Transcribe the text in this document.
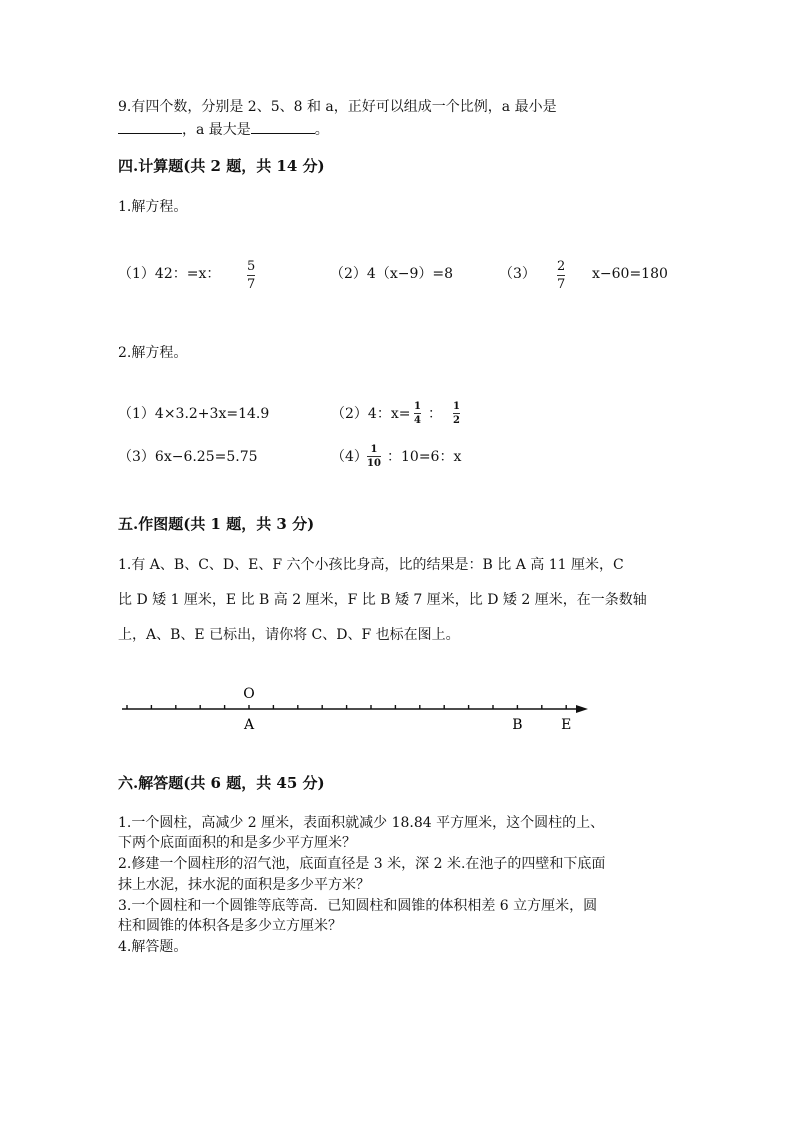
9.有四个数，分别是 2、5、8 和 a，正好可以组成一个比例，a 最小是
，a 最大是	。
四.计算题(共 2 题，共 14 分)
1.解方程。
（1）42：=x： 5
7
（2）4（x−9）=8	（3） 2
7
x−60=180
2.解方程。
（1）4×3.2+3x=14.9	（2）4：x= 1
4 ： 1
2
（3）6x−6.25=5.75	（4） 1
10 ：10=6：x
五.作图题(共 1 题，共 3 分)
1.有 A、B、C、D、E、F 六个小孩比身高，比的结果是：B 比 A 高 11 厘米，C
比 D 矮 1 厘米，E 比 B 高 2 厘米，F 比 B 矮 7 厘米，比 D 矮 2 厘米，在一条数轴
上，A、B、E 已标出，请你将 C、D、F 也标在图上。
O
A	B	E
六.解答题(共 6 题，共 45 分)
1.一个圆柱，高减少 2 厘米，表面积就减少 18.84 平方厘米，这个圆柱的上、
下两个底面面积的和是多少平方厘米？
2.修建一个圆柱形的沼气池，底面直径是 3 米，深 2 米.在池子的四壁和下底面
抹上水泥，抹水泥的面积是多少平方米？
3.一个圆柱和一个圆锥等底等高．已知圆柱和圆锥的体积相差 6 立方厘米，圆
柱和圆锥的体积各是多少立方厘米？
4.解答题。
